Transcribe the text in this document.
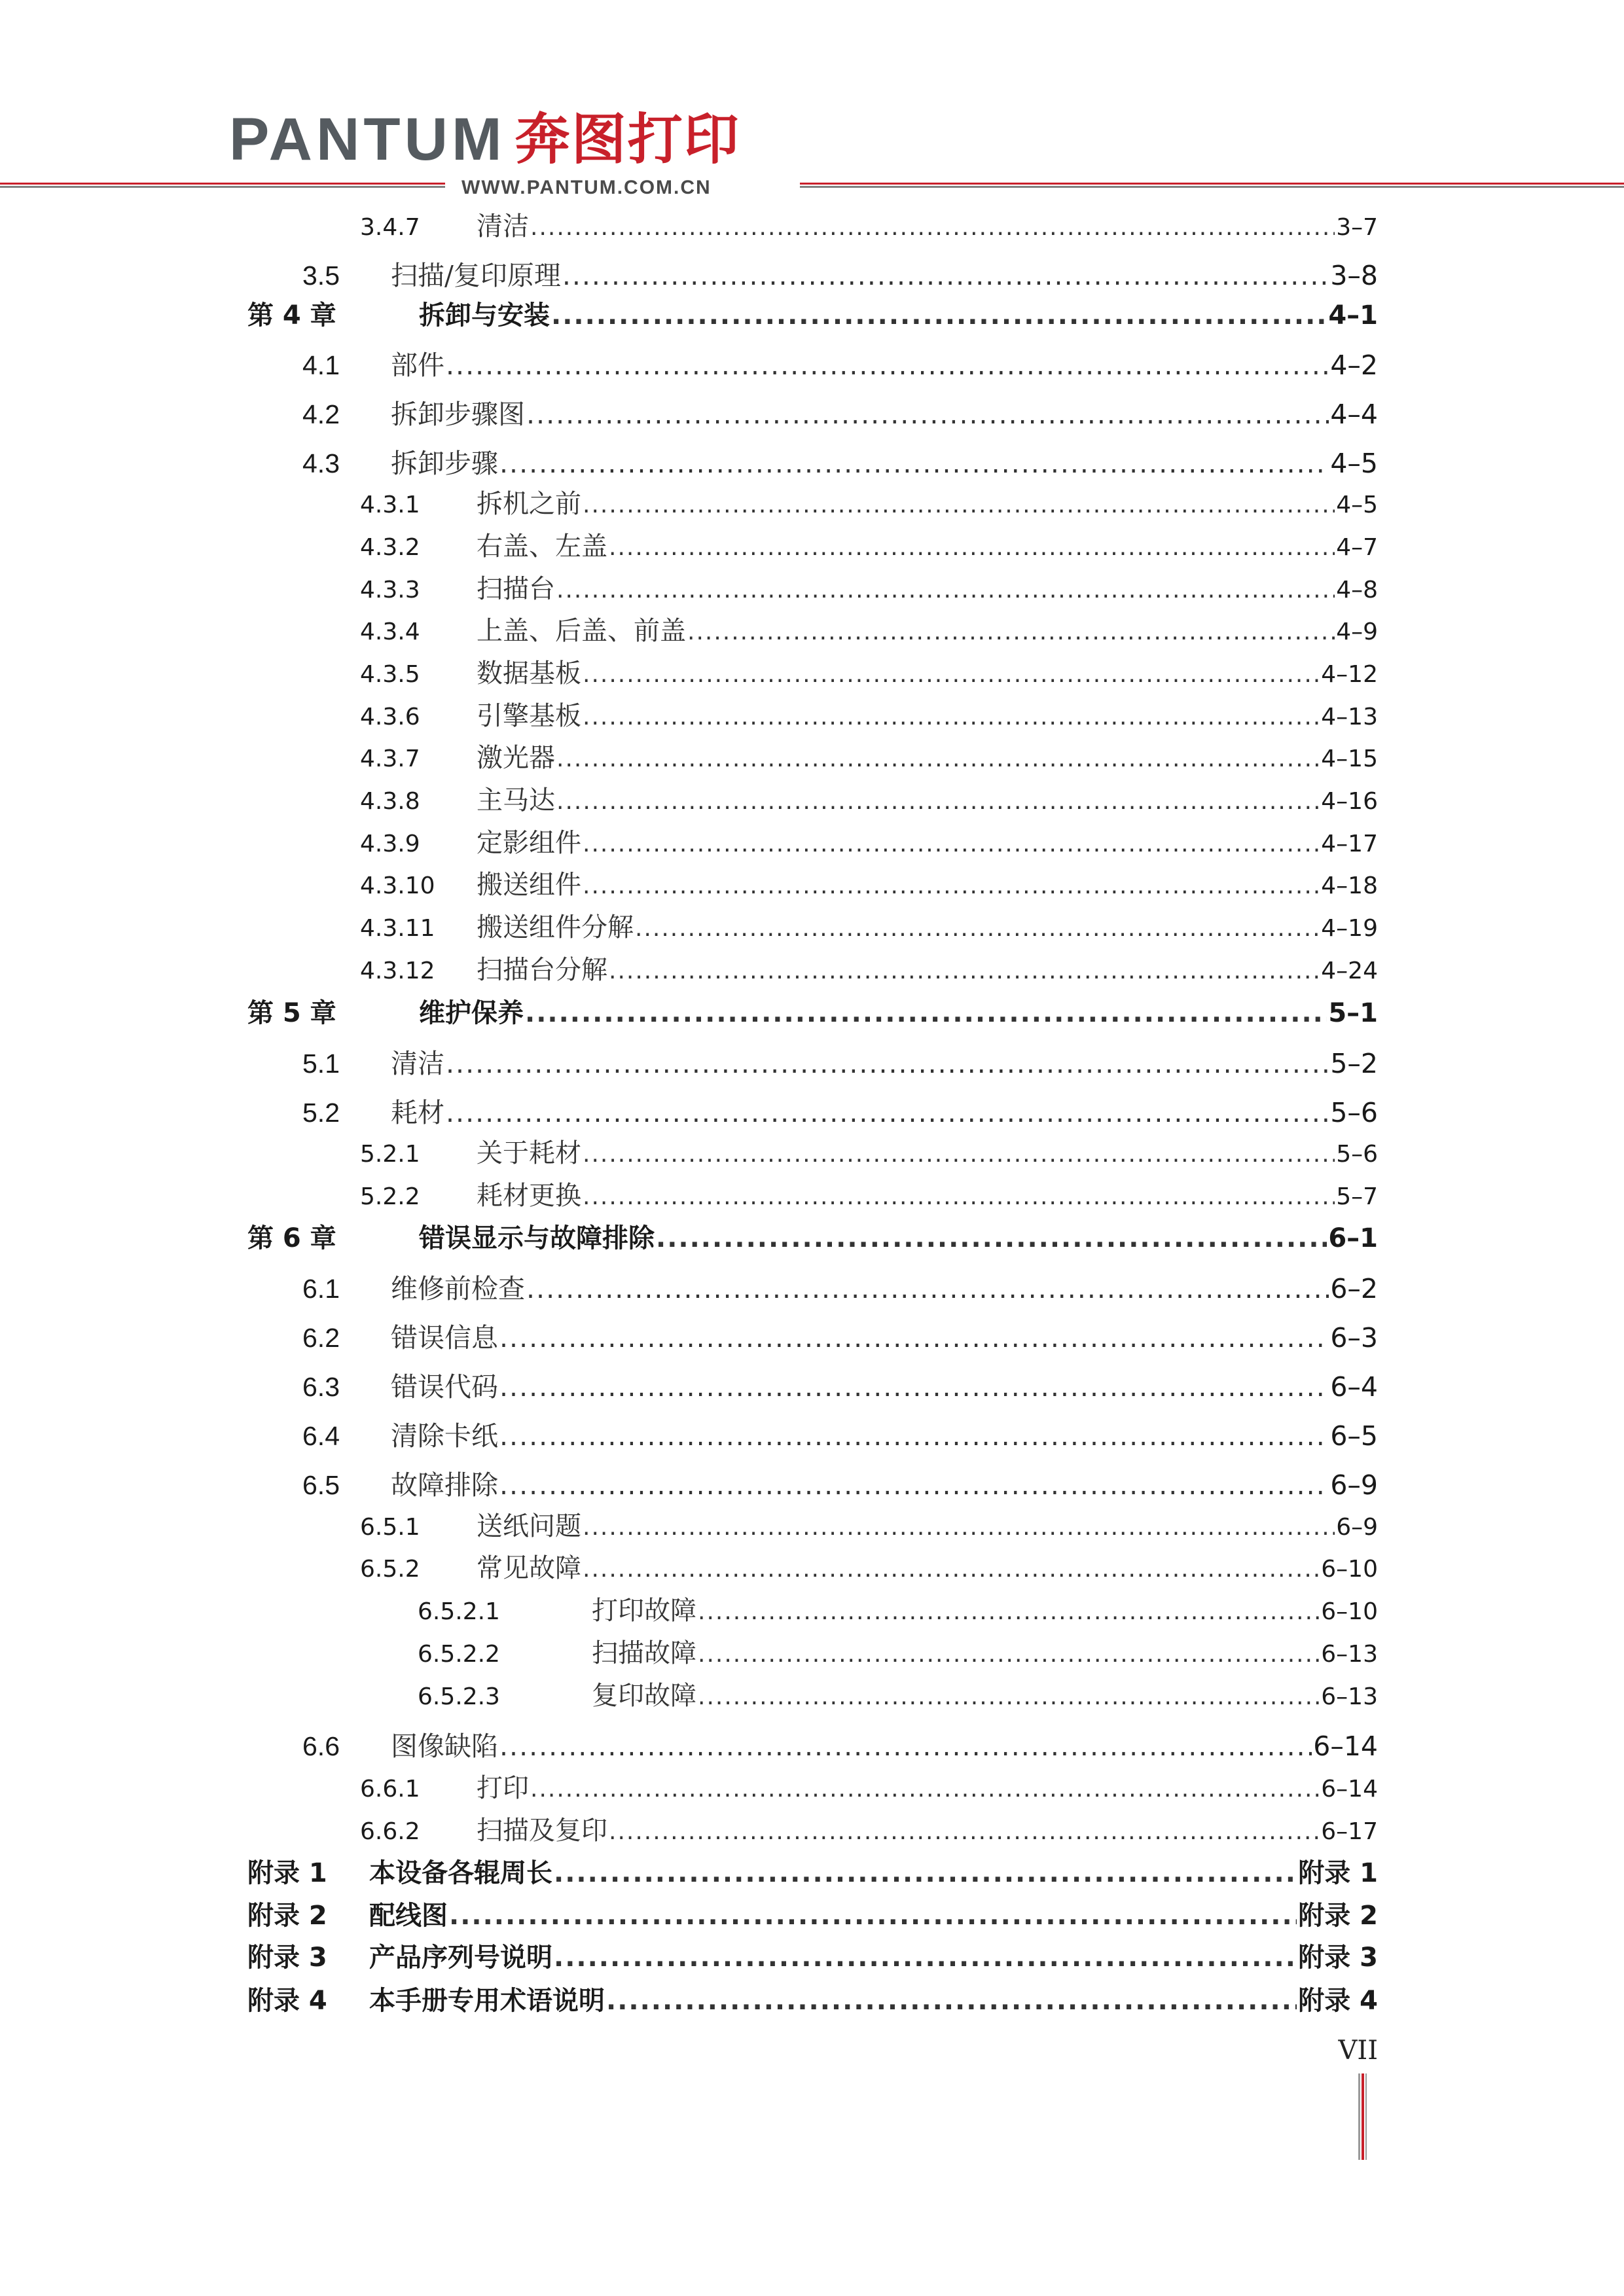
PANTUM 奔图打印
WWW.PANTUM.COM.CN
3.4.7	清洁 .....	3–7
3.5	扫描/复印原理 .....	3–8
第 4 章	拆卸与安装 .....	4–1
4.1	部件 .....	4–2
4.2	拆卸步骤图 .....	4–4
4.3	拆卸步骤 .....	4–5
4.3.1	拆机之前 .....	4–5
4.3.2	右盖、左盖 .....	4–7
4.3.3	扫描台 .....	4–8
4.3.4	上盖、后盖、前盖 .....	4–9
4.3.5	数据基板 .....	4–12
4.3.6	引擎基板 .....	4–13
4.3.7	激光器 .....	4–15
4.3.8	主马达 .....	4–16
4.3.9	定影组件 .....	4–17
4.3.10	搬送组件 .....	4–18
4.3.11	搬送组件分解 .....	4–19
4.3.12	扫描台分解 .....	4–24
第 5 章	维护保养 .....	5–1
5.1	清洁 .....	5–2
5.2	耗材 .....	5–6
5.2.1	关于耗材 .....	5–6
5.2.2	耗材更换 .....	5–7
第 6 章	错误显示与故障排除 .....	6–1
6.1	维修前检查 .....	6–2
6.2	错误信息 .....	6–3
6.3	错误代码 .....	6–4
6.4	清除卡纸 .....	6–5
6.5	故障排除 .....	6–9
6.5.1	送纸问题 .....	6–9
6.5.2	常见故障 .....	6–10
6.5.2.1	打印故障 .....	6–10
6.5.2.2	扫描故障 .....	6–13
6.5.2.3	复印故障 .....	6–13
6.6	图像缺陷 .....	6–14
6.6.1	打印 .....	6–14
6.6.2	扫描及复印 .....	6–17
附录 1	本设备各辊周长 .....	附录 1
附录 2	配线图 .....	附录 2
附录 3	产品序列号说明 .....	附录 3
附录 4	本手册专用术语说明 .....	附录 4
VII
